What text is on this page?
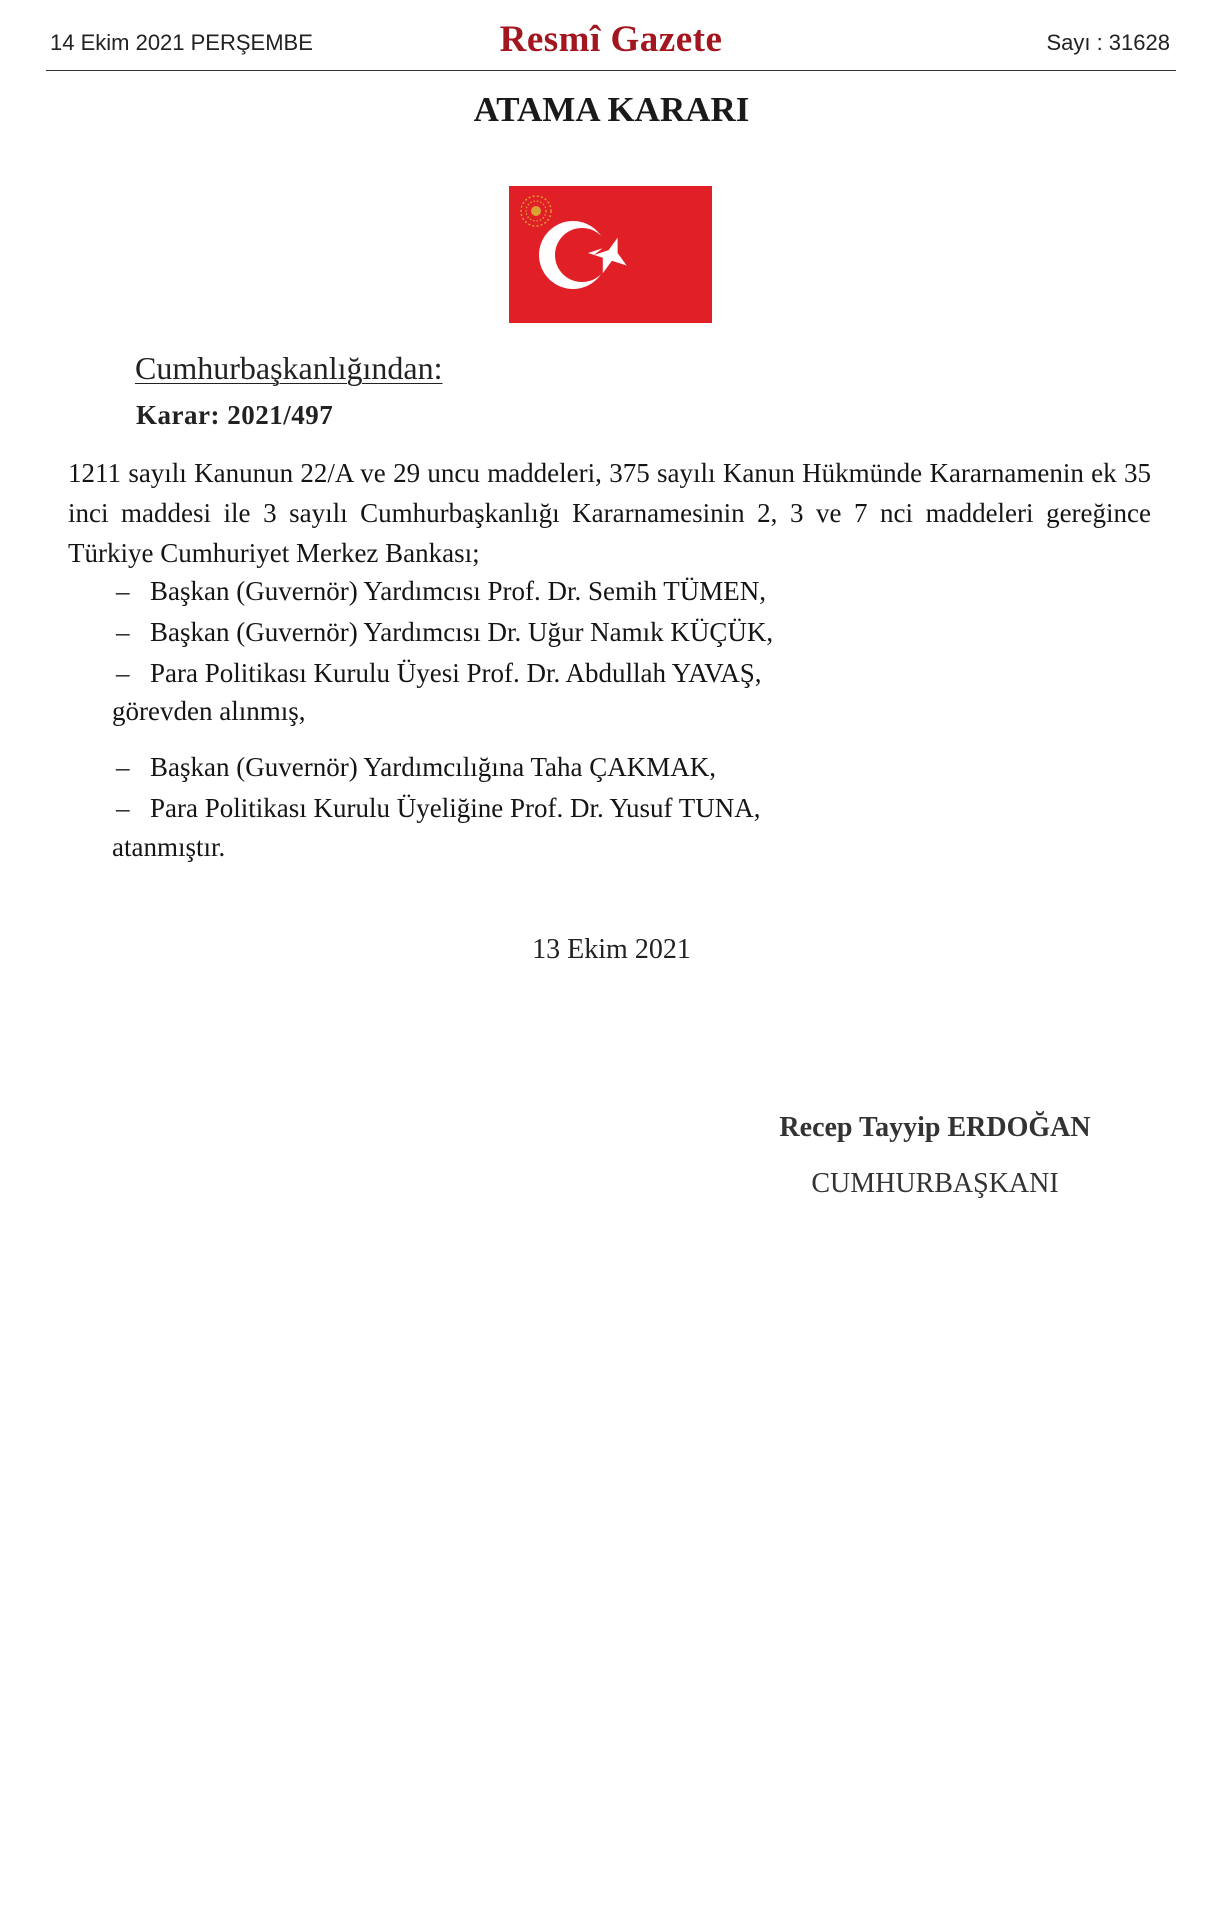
14 Ekim 2021 PERŞEMBE	Resmî Gazete	Sayı : 31628
ATAMA KARARI
Cumhurbaşkanlığından:
Karar: 2021/497
1211 sayılı Kanunun 22/A ve 29 uncu maddeleri, 375 sayılı Kanun Hükmünde Kararnamenin ek 35 inci maddesi ile 3 sayılı Cumhurbaşkanlığı Kararnamesinin 2, 3 ve 7 nci maddeleri gereğince Türkiye Cumhuriyet Merkez Bankası;
– Başkan (Guvernör) Yardımcısı Prof. Dr. Semih TÜMEN,
– Başkan (Guvernör) Yardımcısı Dr. Uğur Namık KÜÇÜK,
– Para Politikası Kurulu Üyesi Prof. Dr. Abdullah YAVAŞ,
görevden alınmış,
– Başkan (Guvernör) Yardımcılığına Taha ÇAKMAK,
– Para Politikası Kurulu Üyeliğine Prof. Dr. Yusuf TUNA,
atanmıştır.
13 Ekim 2021
Recep Tayyip ERDOĞAN
CUMHURBAŞKANI
